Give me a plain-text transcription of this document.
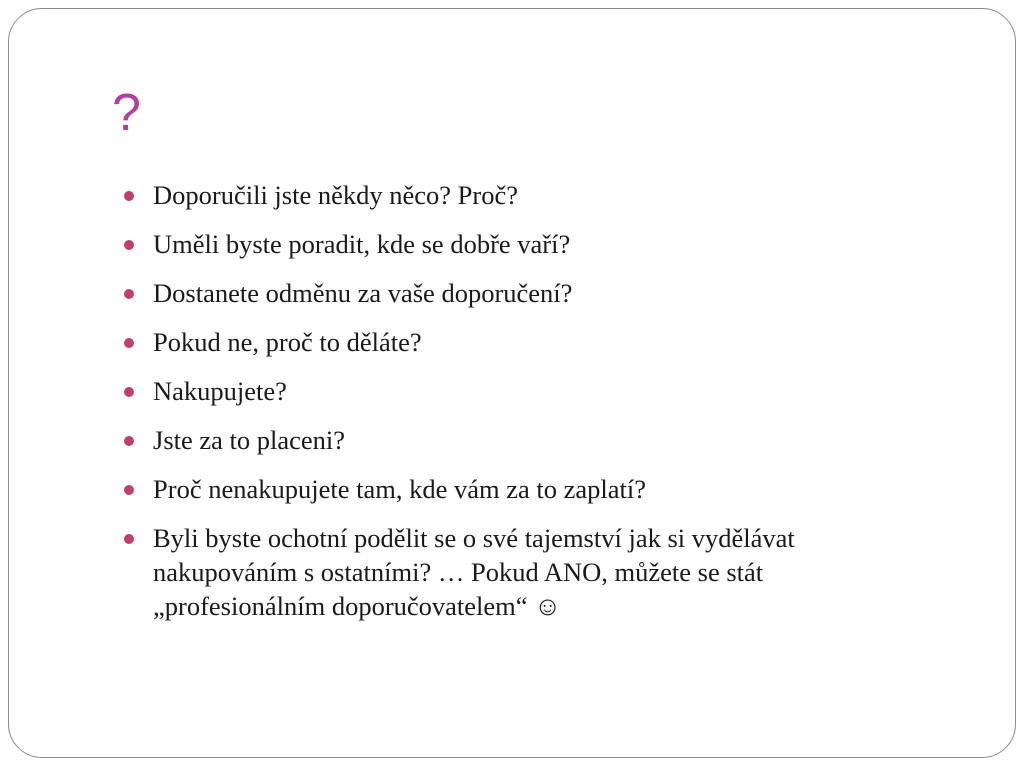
?
Doporučili jste někdy něco? Proč?
Uměli byste poradit, kde se dobře vaří?
Dostanete odměnu za vaše doporučení?
Pokud ne, proč to děláte?
Nakupujete?
Jste za to placeni?
Proč nenakupujete tam, kde vám za to zaplatí?
Byli byste ochotní podělit se o své tajemství jak si vydělávat nakupováním s ostatními? … Pokud ANO, můžete se stát „profesionálním doporučovatelem“ ☺
